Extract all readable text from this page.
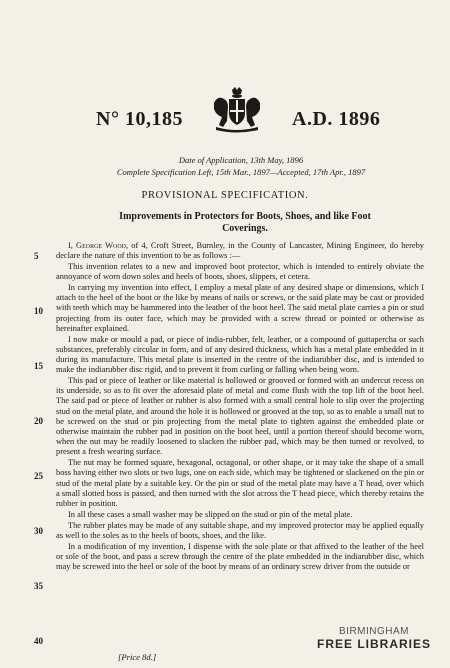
N° 10,185	A.D. 1896
Date of Application, 13th May, 1896
Complete Specification Left, 15th Mar., 1897—Accepted, 17th Apr., 1897
PROVISIONAL SPECIFICATION.
Improvements in Protectors for Boots, Shoes, and like Foot Coverings.

I, George Wood, of 4, Croft Street, Burnley, in the County of Lancaster, Mining Engineer, do hereby declare the nature of this invention to be as follows :—

This invention relates to a new and improved boot protector, which is intended to entirely obviate the annoyance of worn down soles and heels of boots, shoes, slippers, et cetera.

In carrying my invention into effect, I employ a metal plate of any desired shape or dimensions, which I attach to the heel of the boot or the like by means of nails or screws, or the said plate may be cast or provided with teeth which may be hammered into the leather of the boot heel. The said metal plate carries a pin or stud projecting from its outer face, which may be provided with a screw thread or pointed or otherwise as hereinafter explained.

I now make or mould a pad, or piece of india-rubber, felt, leather, or a compound of guttapercha or such substances, preferably circular in form, and of any desired thickness, which has a metal plate embedded in it during its manufacture. This metal plate is inserted in the centre of the indiarubber disc, and is intended to make the indiarubber disc rigid, and to prevent it from curling or falling when being worn.

This pad or piece of leather or like material is hollowed or grooved or formed with an undercut recess on its underside, so as to fit over the aforesaid plate of metal and come flush with the top lift of the boot heel. The said pad or piece of leather or rubber is also formed with a small central hole to slip over the projecting stud on the metal plate, and around the hole it is hollowed or grooved at the top, so as to enable a small nut to be screwed on the stud or pin projecting from the metal plate to tighten against the embedded plate or otherwise maintain the rubber pad in position on the boot heel, until a portion thereof should become worn, when the nut may be readily loosened to slacken the rubber pad, which may be then turned or revolved, to present a fresh wearing surface.

The nut may be formed square, hexagonal, octagonal, or other shape, or it may take the shape of a small boss having either two slots or two lugs, one on each side, which may be tightened or slackened on the pin or stud of the metal plate by a suitable key. Or the pin or stud of the metal plate may have a T head, over which a small slotted boss is passed, and then turned with the slot across the T head piece, which thereby retains the rubber in position.

In all these cases a small washer may be slipped on the stud or pin of the metal plate.

The rubber plates may be made of any suitable shape, and my improved protector may be applied equally as well to the soles as to the heels of boots, shoes, and the like.

In a modification of my invention, I dispense with the sole plate or that affixed to the leather of the heel or sole of the boot, and pass a screw through the centre of the plate embedded in the indiarubber disc, which may be screwed into the heel or sole of the boot by means of an ordinary screw driver from the outside or

5
10
15
20
25
30
35
40
[Price 8d.]
BIRMINGHAM
FREE LIBRARIES
